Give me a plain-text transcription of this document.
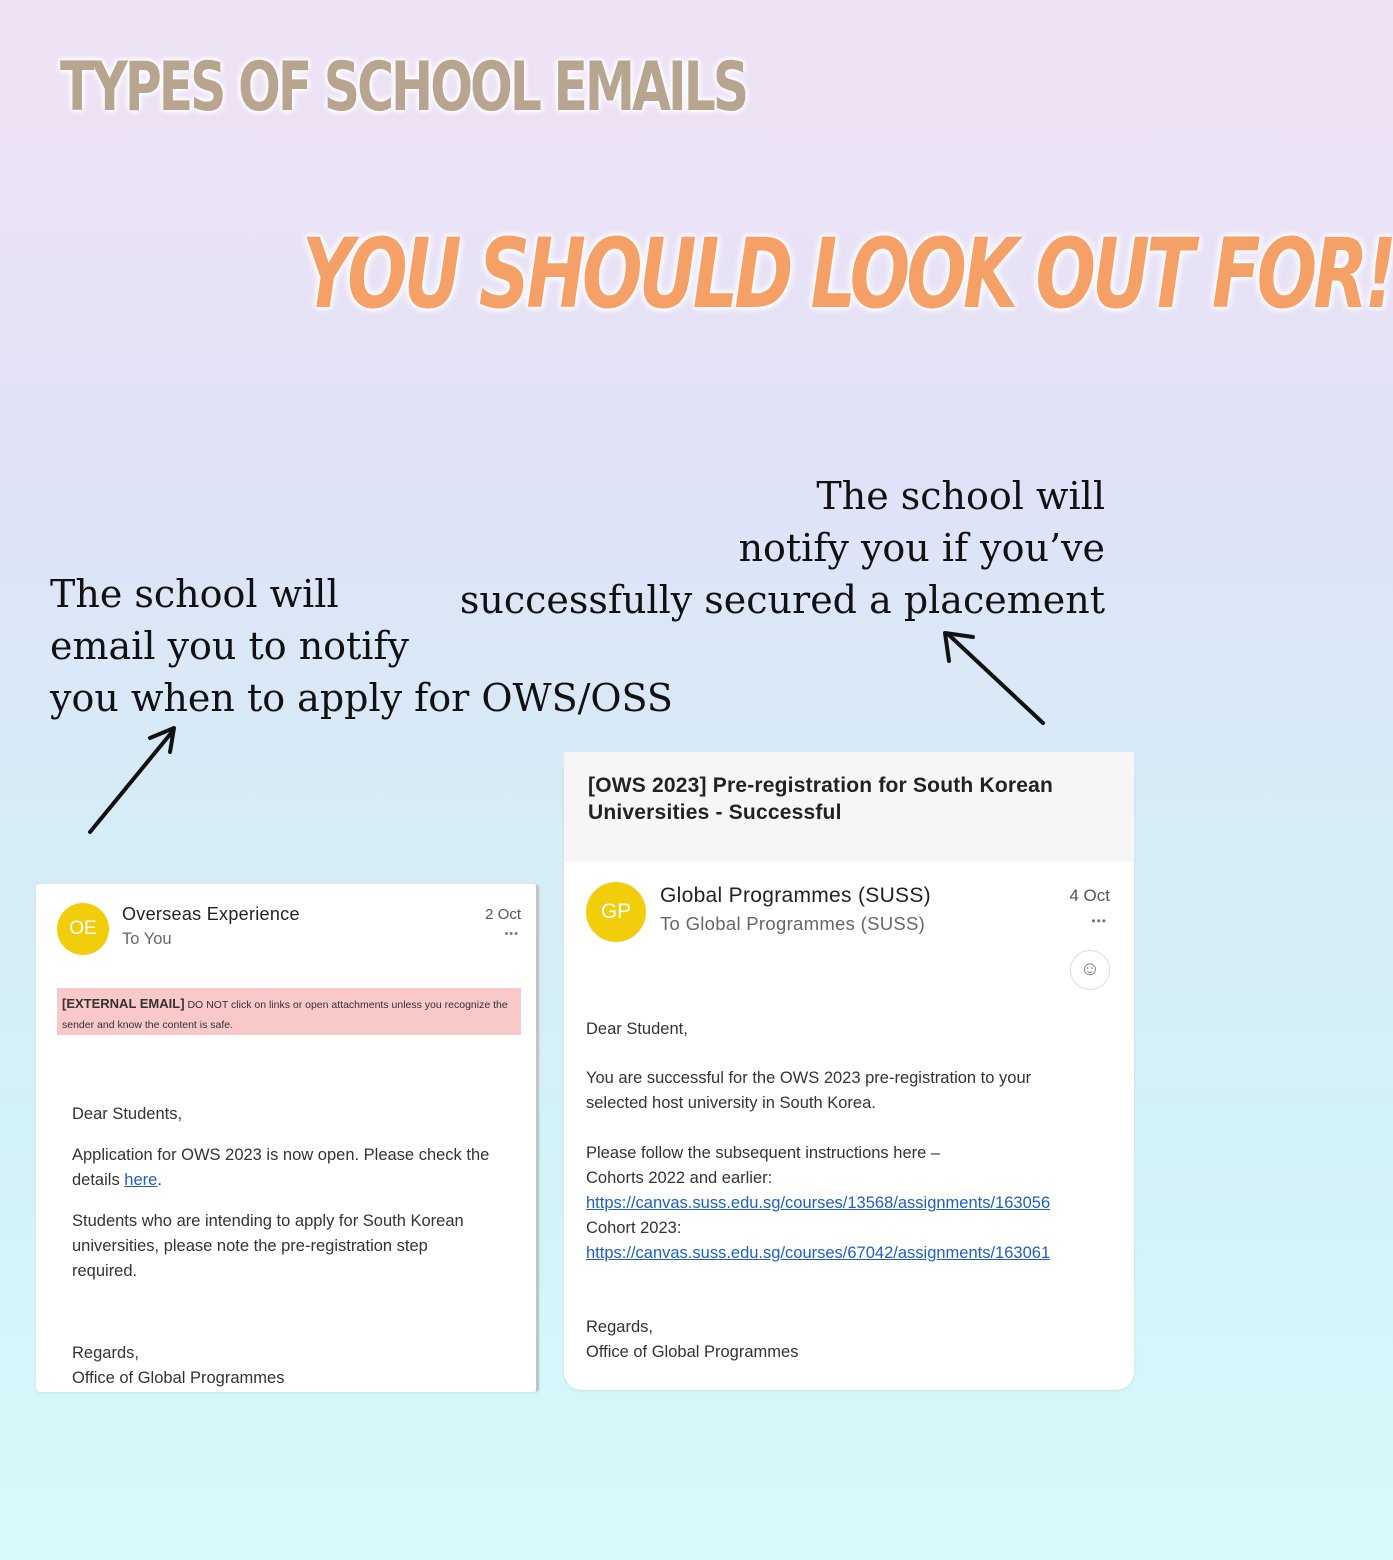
TYPES OF SCHOOL EMAILS
YOU SHOULD LOOK OUT FOR!

The school will
notify you if you’ve
successfully secured a placement

The school will
email you to notify
you when to apply for OWS/OSS

OE
Overseas Experience
To You
2 Oct
•••
[EXTERNAL EMAIL] DO NOT click on links or open attachments unless you recognize the sender and know the content is safe.

Dear Students,

Application for OWS 2023 is now open. Please check the details here.

Students who are intending to apply for South Korean universities, please note the pre-registration step required.

Regards,
Office of Global Programmes

[OWS 2023] Pre-registration for South Korean
Universities - Successful
GP
Global Programmes (SUSS)
To Global Programmes (SUSS)
4 Oct
•••
☺

Dear Student,

You are successful for the OWS 2023 pre-registration to your
selected host university in South Korea.

Please follow the subsequent instructions here –
Cohorts 2022 and earlier:
https://canvas.suss.edu.sg/courses/13568/assignments/163056
Cohort 2023:
https://canvas.suss.edu.sg/courses/67042/assignments/163061

Regards,
Office of Global Programmes
